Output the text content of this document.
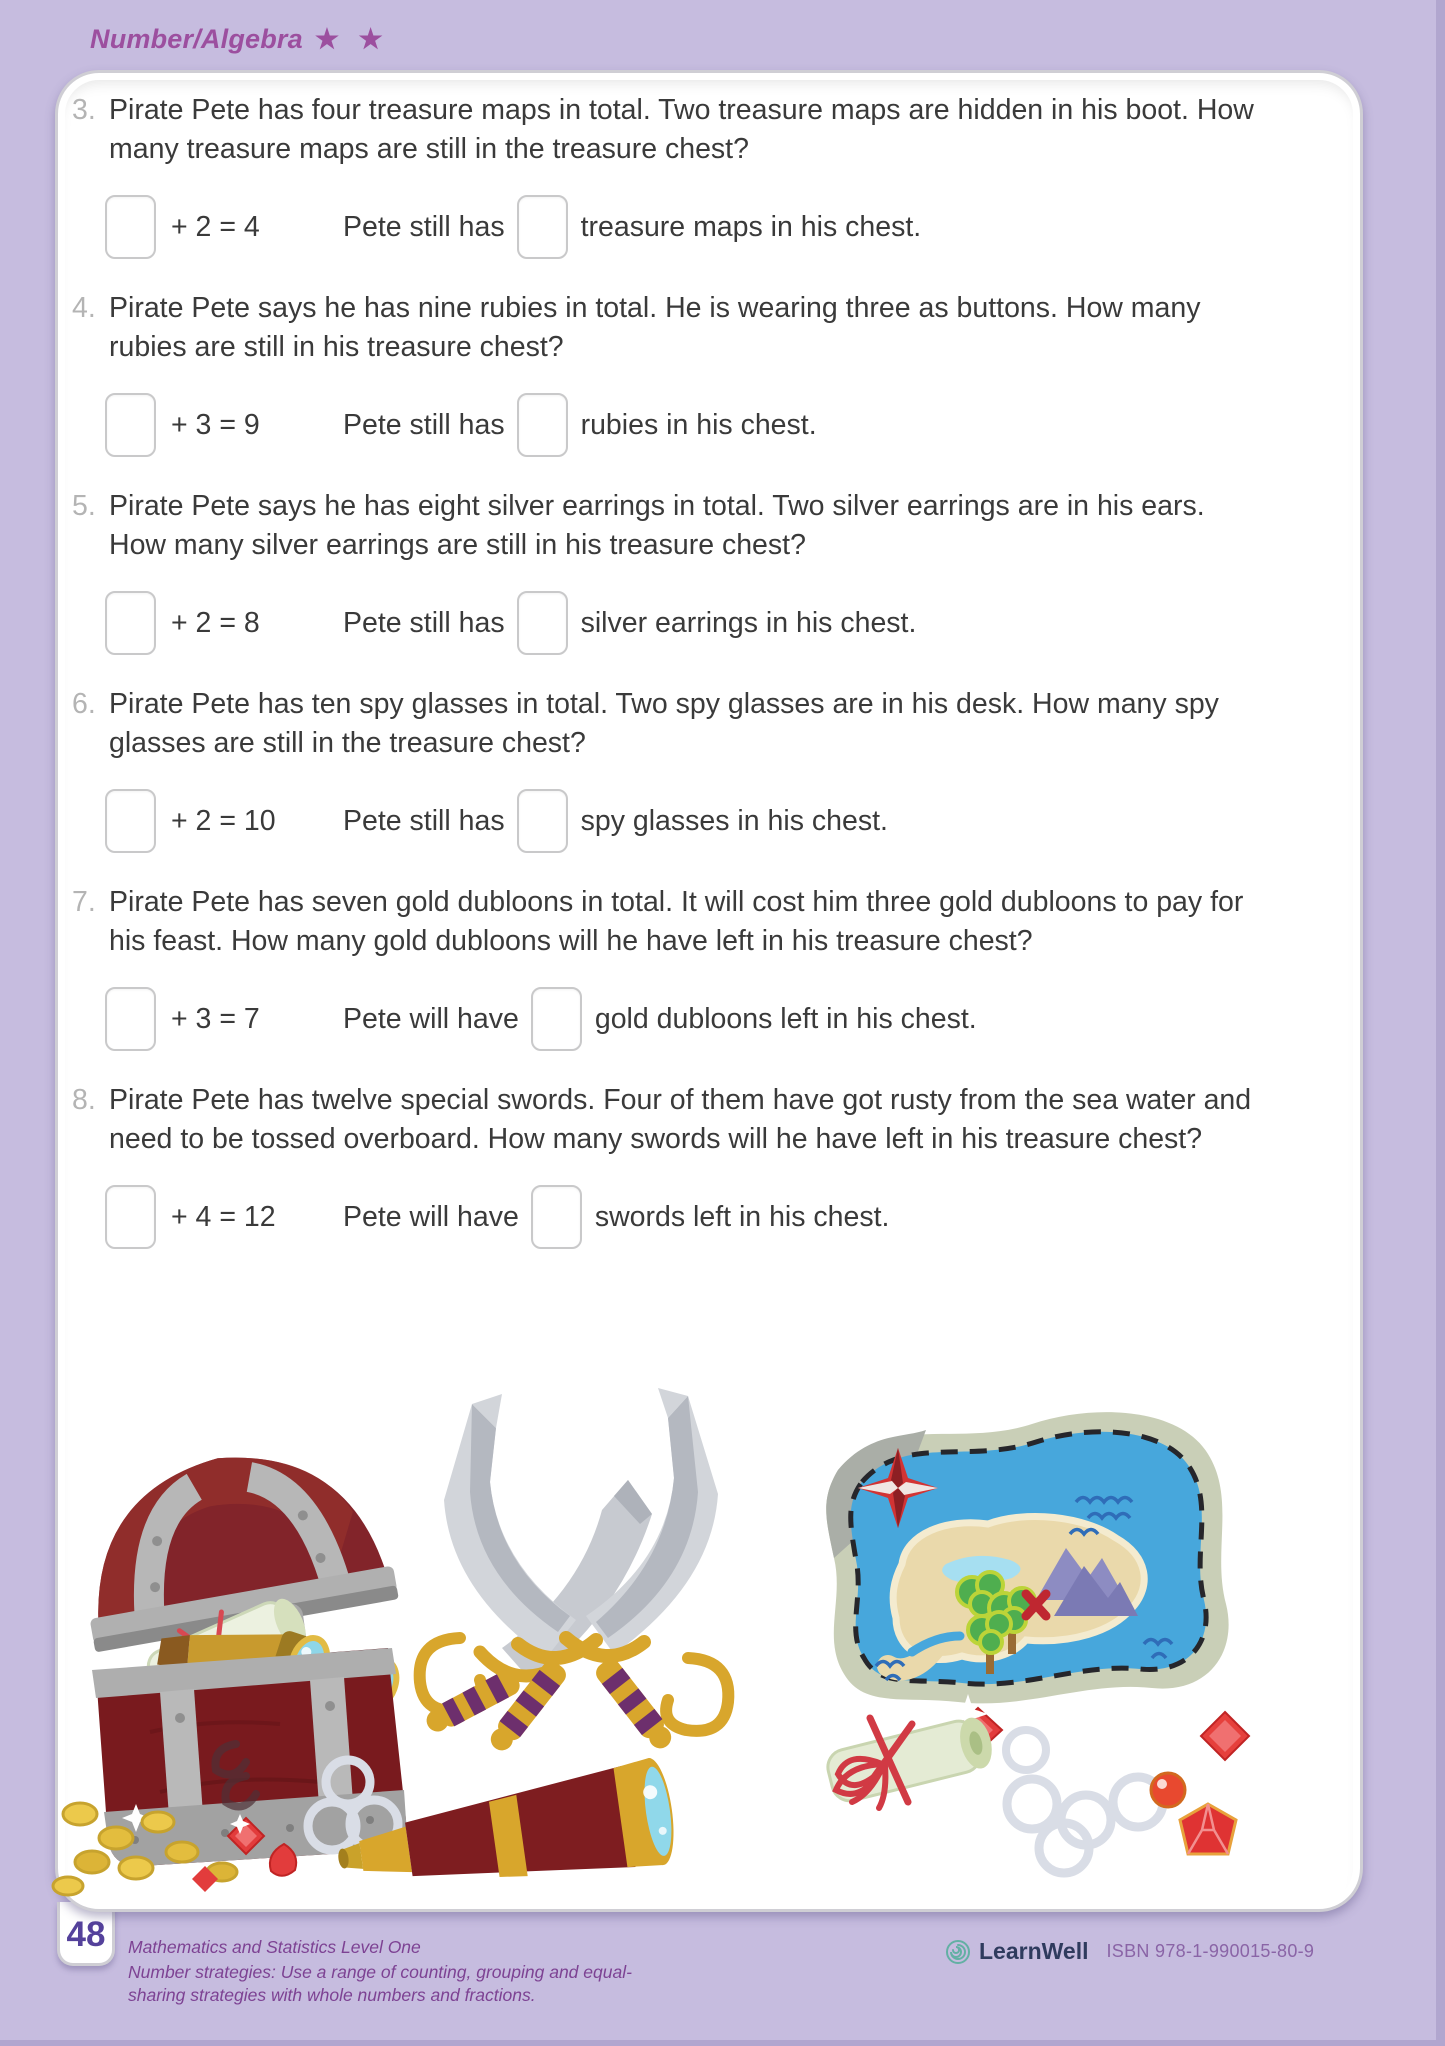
Number/Algebra ★ ★
3. Pirate Pete has four treasure maps in total. Two treasure maps are hidden in his boot. How many treasure maps are still in the treasure chest?

+ 2 = 4	Pete still has	treasure maps in his chest.
4. Pirate Pete says he has nine rubies in total. He is wearing three as buttons. How many rubies are still in his treasure chest?

+ 3 = 9	Pete still has	rubies in his chest.
5. Pirate Pete says he has eight silver earrings in total. Two silver earrings are in his ears. How many silver earrings are still in his treasure chest?

+ 2 = 8	Pete still has	silver earrings in his chest.
6. Pirate Pete has ten spy glasses in total. Two spy glasses are in his desk. How many spy glasses are still in the treasure chest?

+ 2 = 10	Pete still has	spy glasses in his chest.
7. Pirate Pete has seven gold dubloons in total. It will cost him three gold dubloons to pay for his feast. How many gold dubloons will he have left in his treasure chest?

+ 3 = 7	Pete will have	gold dubloons left in his chest.
8. Pirate Pete has twelve special swords. Four of them have got rusty from the sea water and need to be tossed overboard. How many swords will he have left in his treasure chest?

+ 4 = 12	Pete will have	swords left in his chest.
48 Mathematics and Statistics Level One
Number strategies: Use a range of counting, grouping and equal-
sharing strategies with whole numbers and fractions.
LearnWell ISBN 978-1-990015-80-9
